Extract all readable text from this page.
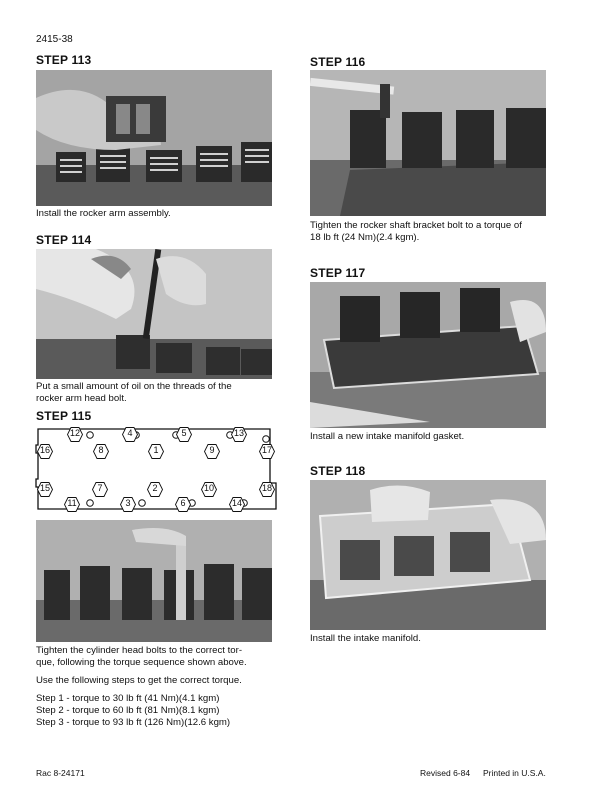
2415-38
STEP 113
Install the rocker arm assembly.
STEP 114
Put a small amount of oil on the threads of the
rocker arm head bolt.
STEP 115
12	4	5	13
16	8	1	9	17
15	7	2	10	18
11	3	6	14
Tighten the cylinder head bolts to the correct tor-
que, following the torque sequence shown above.
Use the following steps to get the correct torque.
Step 1 - torque to 30 lb ft (41 Nm)(4.1 kgm)
Step 2 - torque to 60 lb ft (81 Nm)(8.1 kgm)
Step 3 - torque to 93 lb ft (126 Nm)(12.6 kgm)
STEP 116
Tighten the rocker shaft bracket bolt to a torque of
18 lb ft (24 Nm)(2.4 kgm).
STEP 117
Install a new intake manifold gasket.
STEP 118
Install the intake manifold.
Rac 8-24171	Revised 6-84 Printed in U.S.A.
